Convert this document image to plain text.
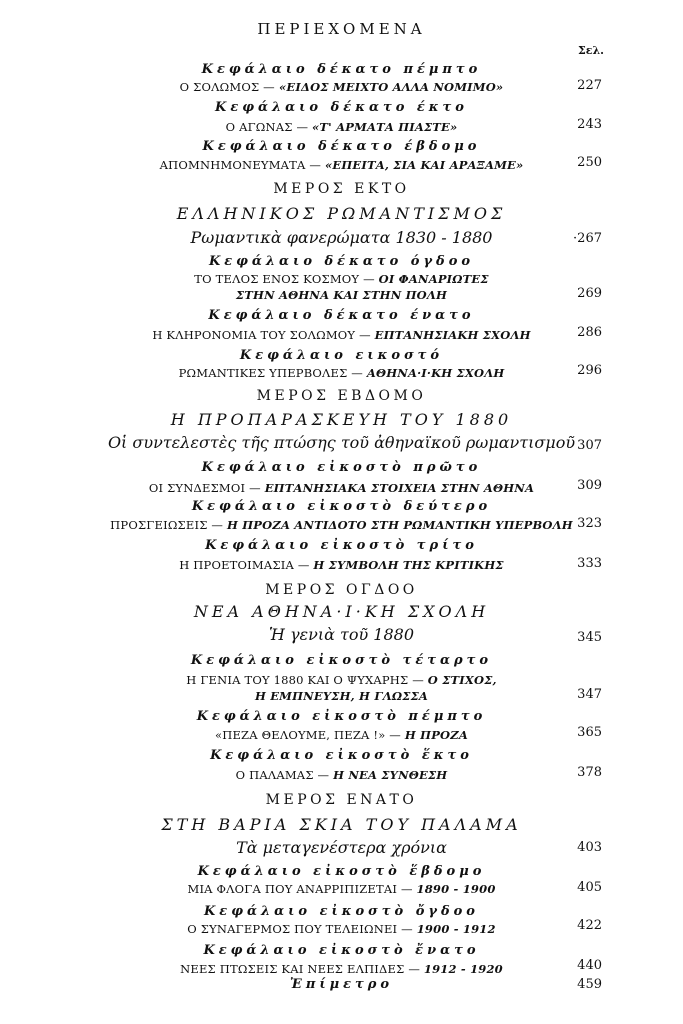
ΠΕΡΙΕΧΟΜΕΝΑ
Σελ.
Κεφάλαιο δέκατο πέμπτο
Ο ΣΟΛΩΜΟΣ — «ΕΙΔΟΣ ΜΕΙΧΤΟ ΑΛΛΑ ΝΟΜΙΜΟ»	227
Κεφάλαιο δέκατο έκτο
Ο ΑΓΩΝΑΣ — «Τ' ΑΡΜΑΤΑ ΠΙΑΣΤΕ»	243
Κεφάλαιο δέκατο έβδομο
ΑΠΟΜΝΗΜΟΝΕΥΜΑΤΑ — «ΕΠΕΙΤΑ, ΣΙΑ ΚΑΙ ΑΡΑΞΑΜΕ»	250
ΜΕΡΟΣ ΕΚΤΟ
ΕΛΛΗΝΙΚΟΣ ΡΩΜΑΝΤΙΣΜΟΣ
Ρωμαντικὰ φανερώματα 1830 - 1880	·267
Κεφάλαιο δέκατο όγδοο
ΤΟ ΤΕΛΟΣ ΕΝΟΣ ΚΟΣΜΟΥ — ΟΙ ΦΑΝΑΡΙΩΤΕΣ
ΣΤΗΝ ΑΘΗΝΑ ΚΑΙ ΣΤΗΝ ΠΟΛΗ	269
Κεφάλαιο δέκατο ένατο
Η ΚΛΗΡΟΝΟΜΙΑ ΤΟΥ ΣΟΛΩΜΟΥ — ΕΠΤΑΝΗΣΙΑΚΗ ΣΧΟΛΗ	286
Κεφάλαιο εικοστό
ΡΩΜΑΝΤΙΚΕΣ ΥΠΕΡΒΟΛΕΣ — ΑΘΗΝΑ·Ι·ΚΗ ΣΧΟΛΗ	296
ΜΕΡΟΣ ΕΒΔΟΜΟ
Η ΠΡΟΠΑΡΑΣΚΕΥΗ ΤΟΥ 1880
Οἱ συντελεστὲς τῆς πτώσης τοῦ ἀθηναϊκοῦ ρωμαντισμοῦ 307
Κεφάλαιο εἰκοστὸ πρῶτο
ΟΙ ΣΥΝΔΕΣΜΟΙ — ΕΠΤΑΝΗΣΙΑΚΑ ΣΤΟΙΧΕΙΑ ΣΤΗΝ ΑΘΗΝΑ	309
Κεφάλαιο εἰκοστὸ δεύτερο
ΠΡΟΣΓΕΙΩΣΕΙΣ — Η ΠΡΟΖΑ ΑΝΤΙΔΟΤΟ ΣΤΗ ΡΩΜΑΝΤΙΚΗ ΥΠΕΡΒΟΛΗ 323
Κεφάλαιο εἰκοστὸ τρίτο
Η ΠΡΟΕΤΟΙΜΑΣΙΑ — Η ΣΥΜΒΟΛΗ ΤΗΣ ΚΡΙΤΙΚΗΣ	333
ΜΕΡΟΣ ΟΓΔΟΟ
ΝΕΑ ΑΘΗΝΑ·Ι·ΚΗ ΣΧΟΛΗ
Ἡ γενιὰ τοῦ 1880	345
Κεφάλαιο εἰκοστὸ τέταρτο
Η ΓΕΝΙΑ ΤΟΥ 1880 ΚΑΙ Ο ΨΥΧΑΡΗΣ — Ο ΣΤΙΧΟΣ,
Η ΕΜΠΝΕΥΣΗ, Η ΓΛΩΣΣΑ	347
Κεφάλαιο εἰκοστὸ πέμπτο
«ΠΕΖΑ ΘΕΛΟΥΜΕ, ΠΕΖΑ !» — Η ΠΡΟΖΑ	365
Κεφάλαιο εἰκοστὸ ἕκτο
Ο ΠΑΛΑΜΑΣ — Η ΝΕΑ ΣΥΝΘΕΣΗ	378
ΜΕΡΟΣ ΕΝΑΤΟ
ΣΤΗ ΒΑΡΙΑ ΣΚΙΑ ΤΟΥ ΠΑΛΑΜΑ
Τὰ μεταγενέστερα χρόνια	403
Κεφάλαιο εἰκοστὸ ἕβδομο
ΜΙΑ ΦΛΟΓΑ ΠΟΥ ΑΝΑΡΡΙΠΙΖΕΤΑΙ — 1890 - 1900	405
Κεφάλαιο εἰκοστὸ ὄγδοο
Ο ΣΥΝΑΓΕΡΜΟΣ ΠΟΥ ΤΕΛΕΙΩΝΕΙ — 1900 - 1912	422
Κεφάλαιο εἰκοστὸ ἔνατο
ΝΕΕΣ ΠΤΩΣΕΙΣ ΚΑΙ ΝΕΕΣ ΕΛΠΙΔΕΣ — 1912 - 1920	440
Ἐπίμετρο	459
